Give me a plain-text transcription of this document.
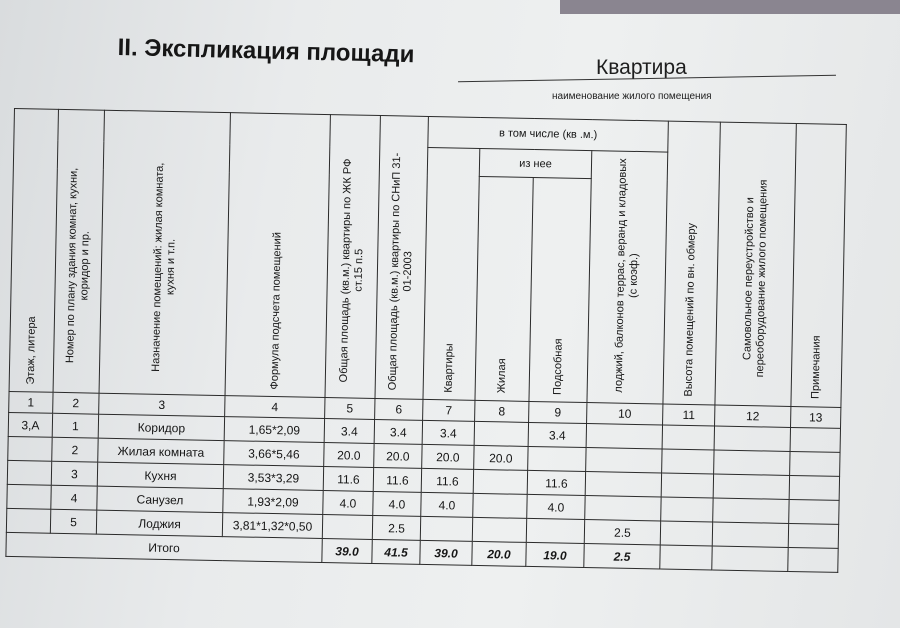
II. Экспликация площади	Квартира
наименование жилого помещения
Этаж, литера	Номер по плану здания комнат, кухни, коридор и пр.	Назначение помещений: жилая комната, кухня и т.п.	Формула подсчета помещений	Общая площадь (кв.м.) квартиры по ЖК РФ ст.15 п.5	Общая площадь (кв.м.) квартиры по СНиП 31-01-2003	в том числе (кв .м.)				Высота помещений по вн. обмеру	Самовольное переустройство и переоборудование жилого помещения	Примечания
						Квартиры	из нее		лоджий, балконов террас, веранд и кладовых (с коэф.)			
							Жилая	Подсобная				
1	2	3	4	5	6	7	8	9	10	11	12	13
3,А	1	Коридор	1,65*2,09	3.4	3.4	3.4		3.4				
	2	Жилая комната	3,66*5,46	20.0	20.0	20.0	20.0					
	3	Кухня	3,53*3,29	11.6	11.6	11.6		11.6				
	4	Санузел	1,93*2,09	4.0	4.0	4.0		4.0				
	5	Лоджия	3,81*1,32*0,50		2.5				2.5			
Итого				39.0	41.5	39.0	20.0	19.0	2.5			
